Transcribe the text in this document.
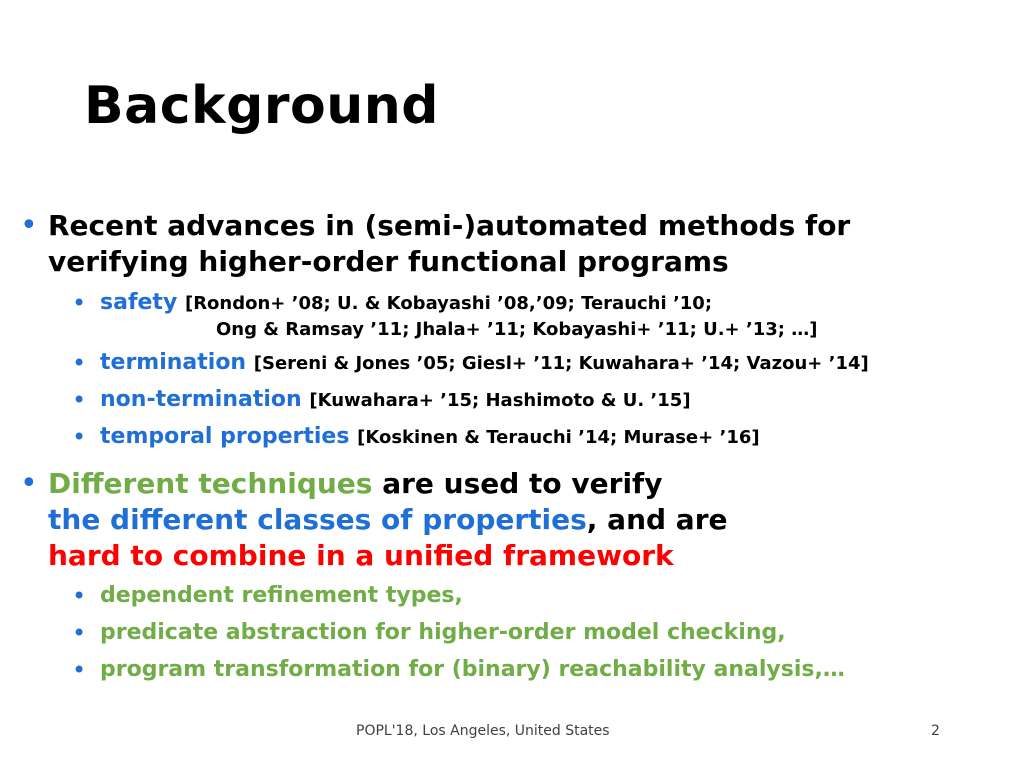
Background
• Recent advances in (semi-)automated methods for
verifying higher-order functional programs
• safety [Rondon+ ’08; U. & Kobayashi ’08,’09; Terauchi ’10;
Ong & Ramsay ’11; Jhala+ ’11; Kobayashi+ ’11; U.+ ’13; …]
• termination [Sereni & Jones ’05; Giesl+ ’11; Kuwahara+ ’14; Vazou+ ’14]
• non-termination [Kuwahara+ ’15; Hashimoto & U. ’15]
• temporal properties [Koskinen & Terauchi ’14; Murase+ ’16]
• Different techniques are used to verify
the different classes of properties, and are
hard to combine in a unified framework
• dependent refinement types,
• predicate abstraction for higher-order model checking,
• program transformation for (binary) reachability analysis,…
POPL'18, Los Angeles, United States	2
